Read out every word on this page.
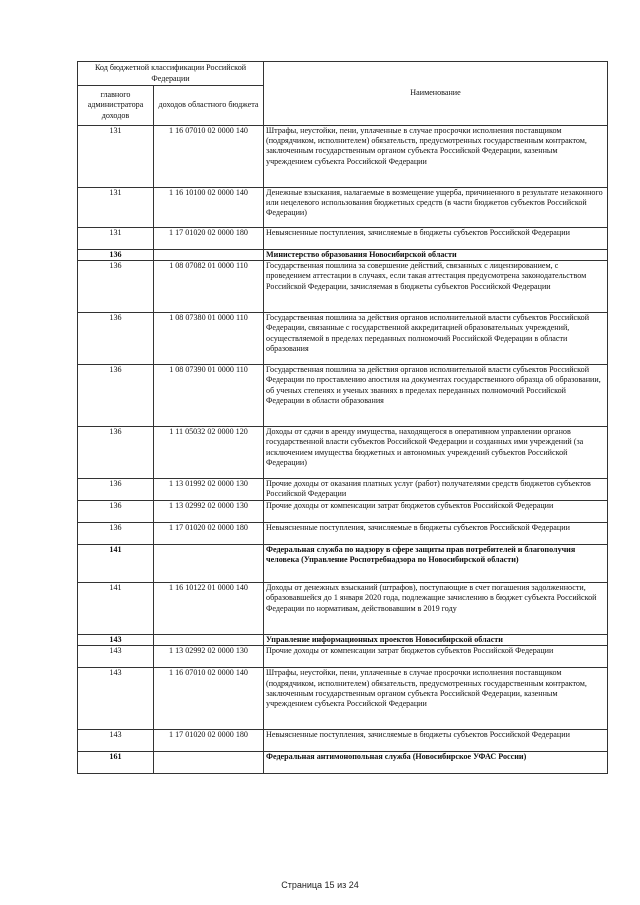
Код бюджетной классификации Российской Федерации		Наименование
главного администратора доходов	доходов областного бюджета	
131	1 16 07010 02 0000 140	Штрафы, неустойки, пени, уплаченные в случае просрочки исполнения поставщиком (подрядчиком, исполнителем) обязательств, предусмотренных государственным контрактом, заключенным государственным органом субъекта Российской Федерации, казенным учреждением субъекта Российской Федерации
131	1 16 10100 02 0000 140	Денежные взыскания, налагаемые в возмещение ущерба, причиненного в результате незаконного или нецелевого использования бюджетных средств (в части бюджетов субъектов Российской Федерации)
131	1 17 01020 02 0000 180	Невыясненные поступления, зачисляемые в бюджеты субъектов Российской Федерации
136		Министерство образования Новосибирской области
136	1 08 07082 01 0000 110	Государственная пошлина за совершение действий, связанных с лицензированием, с проведением аттестации в случаях, если такая аттестация предусмотрена законодательством Российской Федерации, зачисляемая в бюджеты субъектов Российской Федерации
136	1 08 07380 01 0000 110	Государственная пошлина за действия органов исполнительной власти субъектов Российской Федерации, связанные с государственной аккредитацией образовательных учреждений, осуществляемой в пределах переданных полномочий Российской Федерации в области образования
136	1 08 07390 01 0000 110	Государственная пошлина за действия органов исполнительной власти субъектов Российской Федерации по проставлению апостиля на документах государственного образца об образовании, об ученых степенях и ученых званиях в пределах переданных полномочий Российской Федерации в области образования
136	1 11 05032 02 0000 120	Доходы от сдачи в аренду имущества, находящегося в оперативном управлении органов государственной власти субъектов Российской Федерации и созданных ими учреждений (за исключением имущества бюджетных и автономных учреждений субъектов Российской Федерации)
136	1 13 01992 02 0000 130	Прочие доходы от оказания платных услуг (работ) получателями средств бюджетов субъектов Российской Федерации
136	1 13 02992 02 0000 130	Прочие доходы от компенсации затрат бюджетов субъектов Российской Федерации
136	1 17 01020 02 0000 180	Невыясненные поступления, зачисляемые в бюджеты субъектов Российской Федерации
141		Федеральная служба по надзору в сфере защиты прав потребителей и благополучия человека (Управление Роспотребнадзора по Новосибирской области)
141	1 16 10122 01 0000 140	Доходы от денежных взысканий (штрафов), поступающие в счет погашения задолженности, образовавшейся до 1 января 2020 года, подлежащие зачислению в бюджет субъекта Российской Федерации по нормативам, действовавшим в 2019 году
143		Управление информационных проектов Новосибирской области
143	1 13 02992 02 0000 130	Прочие доходы от компенсации затрат бюджетов субъектов Российской Федерации
143	1 16 07010 02 0000 140	Штрафы, неустойки, пени, уплаченные в случае просрочки исполнения поставщиком (подрядчиком, исполнителем) обязательств, предусмотренных государственным контрактом, заключенным государственным органом субъекта Российской Федерации, казенным учреждением субъекта Российской Федерации
143	1 17 01020 02 0000 180	Невыясненные поступления, зачисляемые в бюджеты субъектов Российской Федерации
161		Федеральная антимонопольная служба (Новосибирское УФАС России)
Страница 15 из 24
